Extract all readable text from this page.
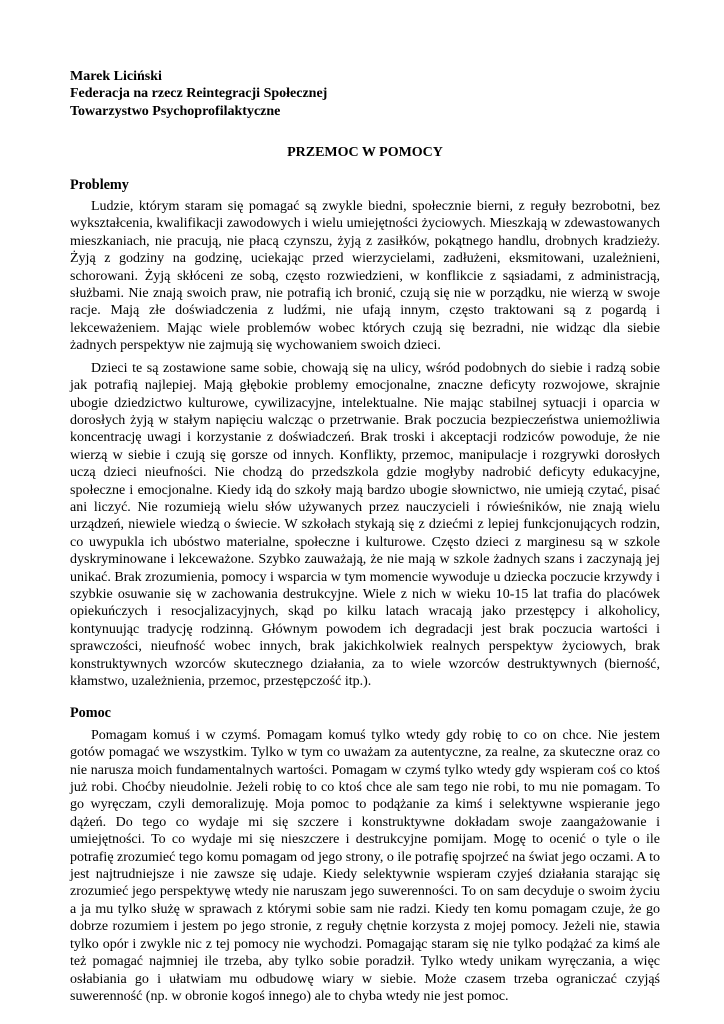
Marek Liciński

Federacja na rzecz Reintegracji Społecznej

Towarzystwo Psychoprofilaktyczne

PRZEMOC W POMOCY

Problemy

Ludzie, którym staram się pomagać są zwykle biedni, społecznie bierni, z reguły bezrobotni, bez wykształcenia, kwalifikacji zawodowych i wielu umiejętności życiowych. Mieszkają w zdewastowanych mieszkaniach, nie pracują, nie płacą czynszu, żyją z zasiłków, pokątnego handlu, drobnych kradzieży. Żyją z godziny na godzinę, uciekając przed wierzycielami, zadłużeni, eksmitowani, uzależnieni, schorowani. Żyją skłóceni ze sobą, często rozwiedzieni, w konflikcie z sąsiadami, z administracją, służbami. Nie znają swoich praw, nie potrafią ich bronić, czują się nie w porządku, nie wierzą w swoje racje. Mają złe doświadczenia z ludźmi, nie ufają innym, często traktowani są z pogardą i lekceważeniem. Mając wiele problemów wobec których czują się bezradni, nie widząc dla siebie żadnych perspektyw nie zajmują się wychowaniem swoich dzieci.

Dzieci te są zostawione same sobie, chowają się na ulicy, wśród podobnych do siebie i radzą sobie jak potrafią najlepiej. Mają głębokie problemy emocjonalne, znaczne deficyty rozwojowe, skrajnie ubogie dziedzictwo kulturowe, cywilizacyjne, intelektualne. Nie mając stabilnej sytuacji i oparcia w dorosłych żyją w stałym napięciu walcząc o przetrwanie. Brak poczucia bezpieczeństwa uniemożliwia koncentrację uwagi i korzystanie z doświadczeń. Brak troski i akceptacji rodziców powoduje, że nie wierzą w siebie i czują się gorsze od innych. Konflikty, przemoc, manipulacje i rozgrywki dorosłych uczą dzieci nieufności. Nie chodzą do przedszkola gdzie mogłyby nadrobić deficyty edukacyjne, społeczne i emocjonalne. Kiedy idą do szkoły mają bardzo ubogie słownictwo, nie umieją czytać, pisać ani liczyć. Nie rozumieją wielu słów używanych przez nauczycieli i rówieśników, nie znają wielu urządzeń, niewiele wiedzą o świecie. W szkołach stykają się z dziećmi z lepiej funkcjonujących rodzin, co uwypukla ich ubóstwo materialne, społeczne i kulturowe. Często dzieci z marginesu są w szkole dyskryminowane i lekceważone. Szybko zauważają, że nie mają w szkole żadnych szans i zaczynają jej unikać. Brak zrozumienia, pomocy i wsparcia w tym momencie wywoduje u dziecka poczucie krzywdy i szybkie osuwanie się w zachowania destrukcyjne. Wiele z nich w wieku 10-15 lat trafia do placówek opiekuńczych i resocjalizacyjnych, skąd po kilku latach wracają jako przestępcy i alkoholicy, kontynuując tradycję rodzinną. Głównym powodem ich degradacji jest brak poczucia wartości i sprawczości, nieufność wobec innych, brak jakichkolwiek realnych perspektyw życiowych, brak konstruktywnych wzorców skutecznego działania, za to wiele wzorców destruktywnych (bierność, kłamstwo, uzależnienia, przemoc, przestępczość itp.).

Pomoc

Pomagam komuś i w czymś. Pomagam komuś tylko wtedy gdy robię to co on chce. Nie jestem gotów pomagać we wszystkim. Tylko w tym co uważam za autentyczne, za realne, za skuteczne oraz co nie narusza moich fundamentalnych wartości. Pomagam w czymś tylko wtedy gdy wspieram coś co ktoś już robi. Choćby nieudolnie. Jeżeli robię to co ktoś chce ale sam tego nie robi, to mu nie pomagam. To go wyręczam, czyli demoralizuję. Moja pomoc to podążanie za kimś i selektywne wspieranie jego dążeń. Do tego co wydaje mi się szczere i konstruktywne dokładam swoje zaangażowanie i umiejętności. To co wydaje mi się nieszczere i destrukcyjne pomijam. Mogę to ocenić o tyle o ile potrafię zrozumieć tego komu pomagam od jego strony, o ile potrafię spojrzeć na świat jego oczami. A to jest najtrudniejsze i nie zawsze się udaje. Kiedy selektywnie wspieram czyjeś działania starając się zrozumieć jego perspektywę wtedy nie naruszam jego suwerenności. To on sam decyduje o swoim życiu a ja mu tylko służę w sprawach z którymi sobie sam nie radzi. Kiedy ten komu pomagam czuje, że go dobrze rozumiem i jestem po jego stronie, z reguły chętnie korzysta z mojej pomocy. Jeżeli nie, stawia tylko opór i zwykle nic z tej pomocy nie wychodzi. Pomagając staram się nie tylko podążać za kimś ale też pomagać najmniej ile trzeba, aby tylko sobie poradził. Tylko wtedy unikam wyręczania, a więc osłabiania go i ułatwiam mu odbudowę wiary w siebie. Może czasem trzeba ograniczać czyjąś suwerenność (np. w obronie kogoś innego) ale to chyba wtedy nie jest pomoc.
